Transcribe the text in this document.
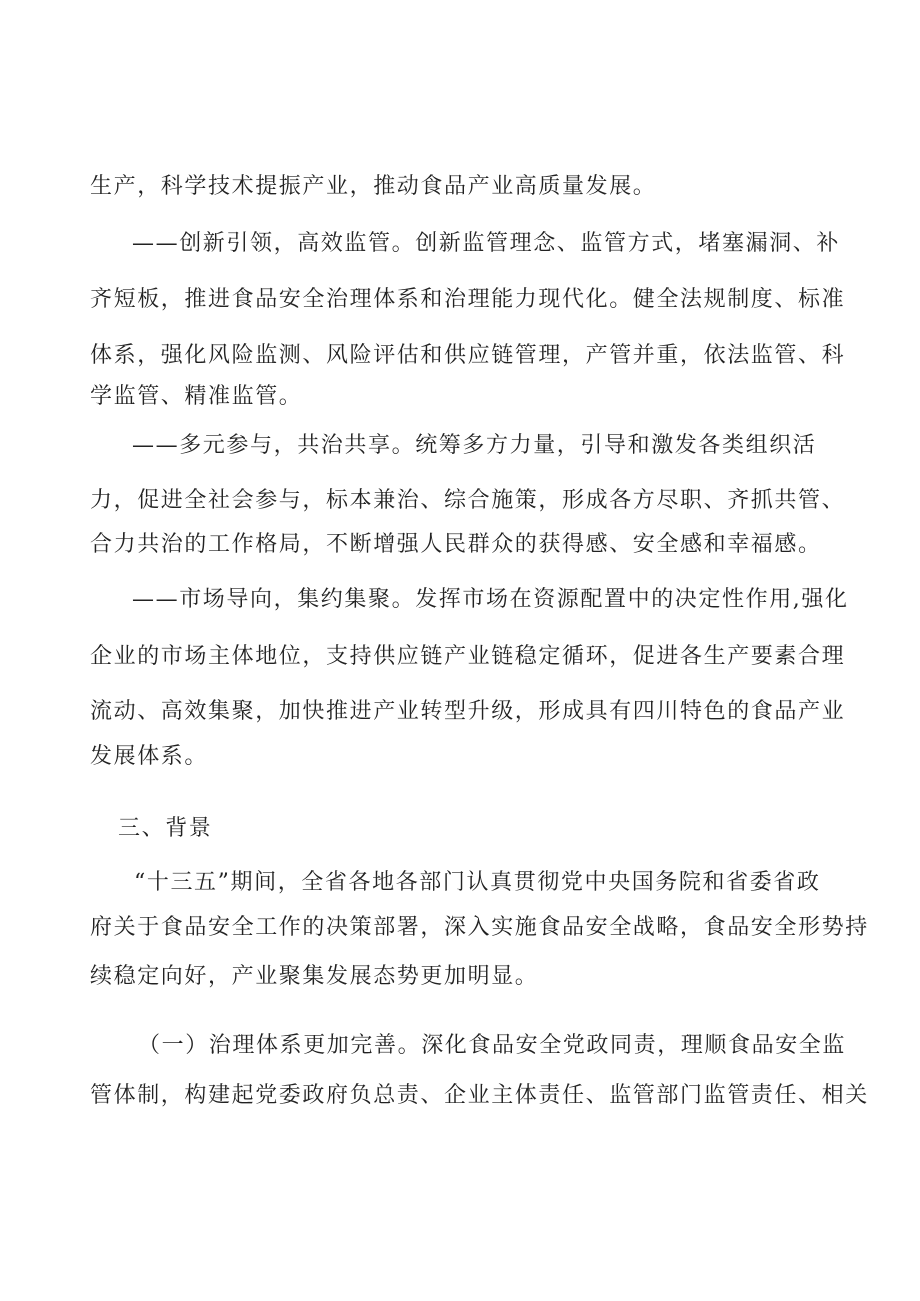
生产，科学技术提振产业，推动食品产业高质量发展。
——创新引领，高效监管。创新监管理念、监管方式，堵塞漏洞、补
齐短板，推进食品安全治理体系和治理能力现代化。健全法规制度、标准
体系，强化风险监测、风险评估和供应链管理，产管并重，依法监管、科
学监管、精准监管。
——多元参与，共治共享。统筹多方力量，引导和激发各类组织活
力，促进全社会参与，标本兼治、综合施策，形成各方尽职、齐抓共管、
合力共治的工作格局，不断增强人民群众的获得感、安全感和幸福感。
——市场导向，集约集聚。发挥市场在资源配置中的决定性作用,强化
企业的市场主体地位，支持供应链产业链稳定循环，促进各生产要素合理
流动、高效集聚，加快推进产业转型升级，形成具有四川特色的食品产业
发展体系。
三、背景
“十三五”期间，全省各地各部门认真贯彻党中央国务院和省委省政
府关于食品安全工作的决策部署，深入实施食品安全战略，食品安全形势持
续稳定向好，产业聚集发展态势更加明显。
（一）治理体系更加完善。深化食品安全党政同责，理顺食品安全监
管体制，构建起党委政府负总责、企业主体责任、监管部门监管责任、相关
